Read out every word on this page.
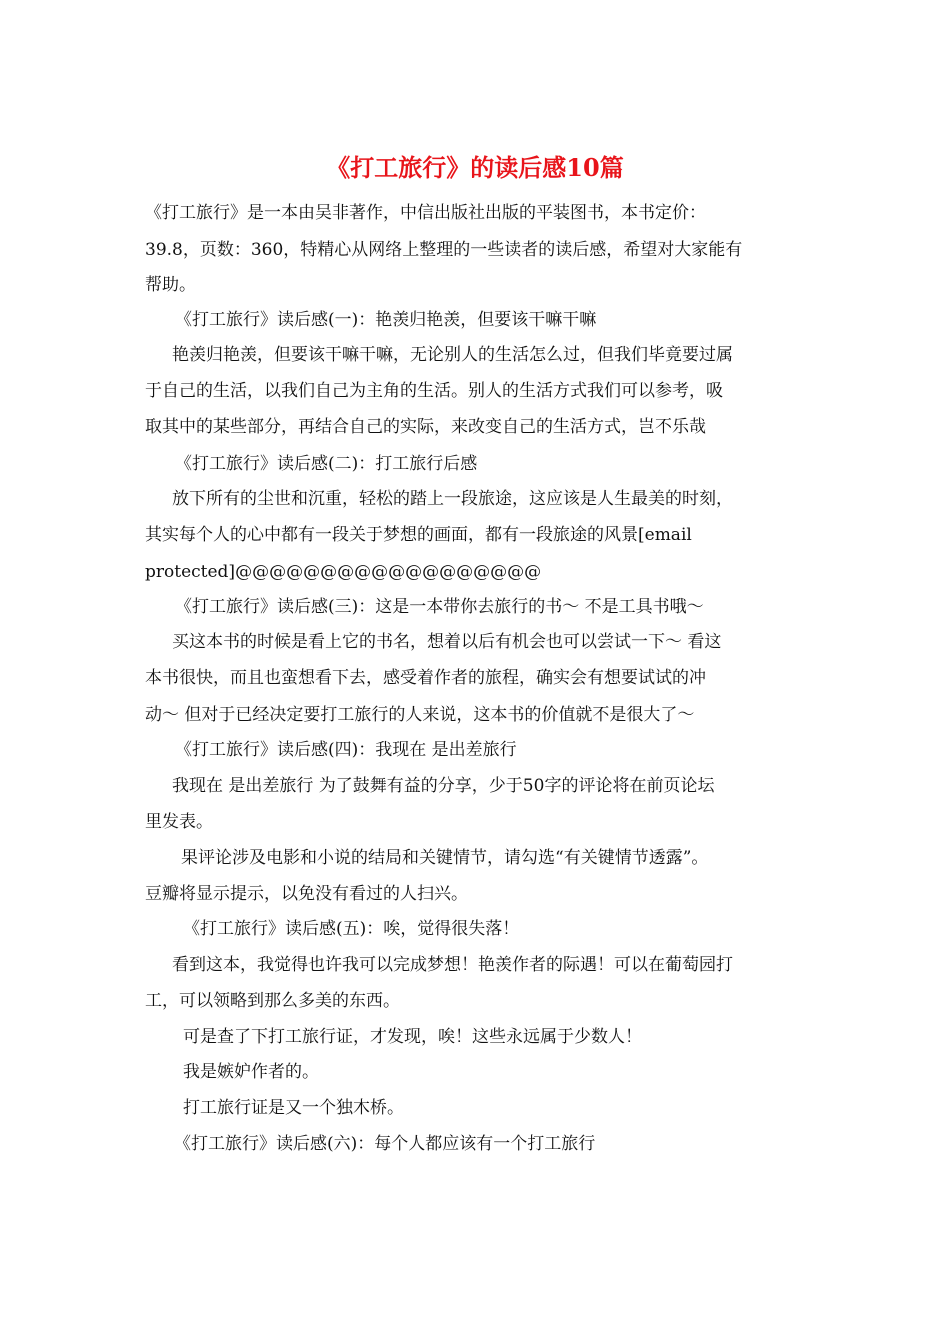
《打工旅行》的读后感10篇

《打工旅行》是一本由吴非著作，中信出版社出版的平装图书，本书定价：

39.8，页数：360，特精心从网络上整理的一些读者的读后感，希望对大家能有

帮助。

《打工旅行》读后感(一)：艳羡归艳羡，但要该干嘛干嘛

艳羡归艳羡，但要该干嘛干嘛，无论别人的生活怎么过，但我们毕竟要过属

于自己的生活，以我们自己为主角的生活。别人的生活方式我们可以参考，吸

取其中的某些部分，再结合自己的实际，来改变自己的生活方式，岂不乐哉

《打工旅行》读后感(二)：打工旅行后感

放下所有的尘世和沉重，轻松的踏上一段旅途，这应该是人生最美的时刻，

其实每个人的心中都有一段关于梦想的画面，都有一段旅途的风景[email

protected]@@@@@@@@@@@@@@@@@@

《打工旅行》读后感(三)：这是一本带你去旅行的书～ 不是工具书哦～

买这本书的时候是看上它的书名，想着以后有机会也可以尝试一下～ 看这

本书很快，而且也蛮想看下去，感受着作者的旅程，确实会有想要试试的冲

动～ 但对于已经决定要打工旅行的人来说，这本书的价值就不是很大了～

《打工旅行》读后感(四)：我现在 是出差旅行

我现在 是出差旅行 为了鼓舞有益的分享，少于50字的评论将在前页论坛

里发表。

果评论涉及电影和小说的结局和关键情节，请勾选“有关键情节透露”。

豆瓣将显示提示，以免没有看过的人扫兴。

《打工旅行》读后感(五)：唉，觉得很失落！

看到这本，我觉得也许我可以完成梦想！艳羡作者的际遇！可以在葡萄园打

工，可以领略到那么多美的东西。

可是查了下打工旅行证，才发现，唉！这些永远属于少数人！

我是嫉妒作者的。

打工旅行证是又一个独木桥。

《打工旅行》读后感(六)：每个人都应该有一个打工旅行
